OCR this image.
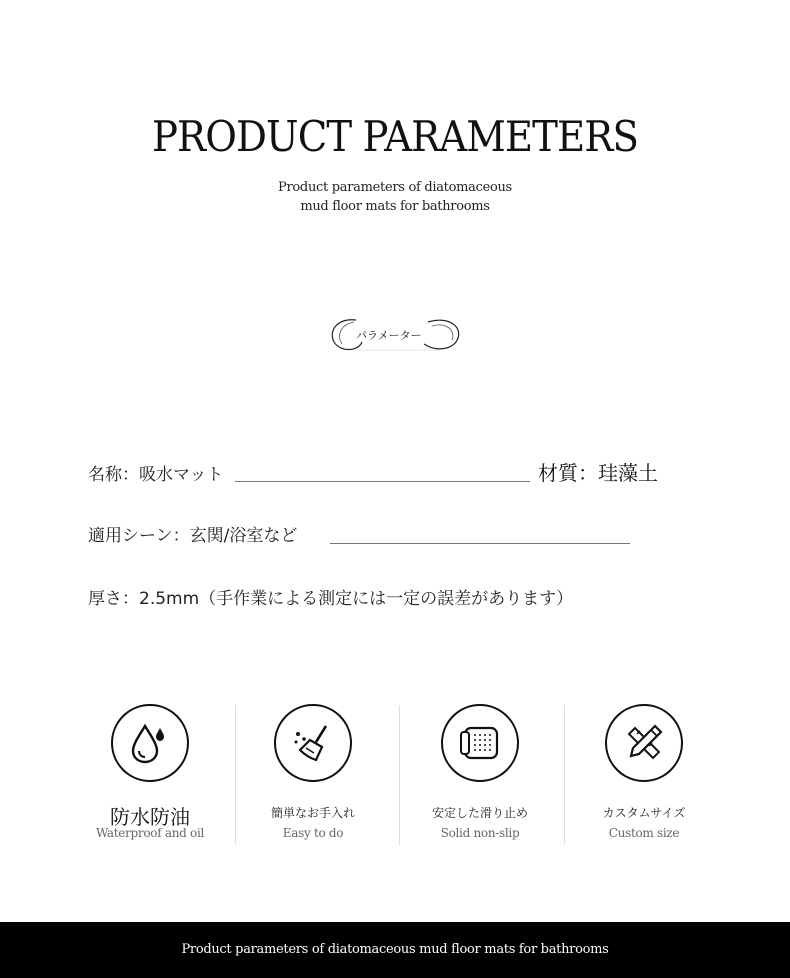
PRODUCT PARAMETERS
Product parameters of diatomaceous
mud floor mats for bathrooms
パラメーター
名称：吸水マット	材質：珪藻土
適用シーン：玄関/浴室など
厚さ：2.5mm（手作業による測定には一定の誤差があります）
防水防油
Waterproof and oil
簡単なお手入れ
Easy to do
安定した滑り止め
Solid non-slip
カスタムサイズ
Custom size
Product parameters of diatomaceous mud floor mats for bathrooms
